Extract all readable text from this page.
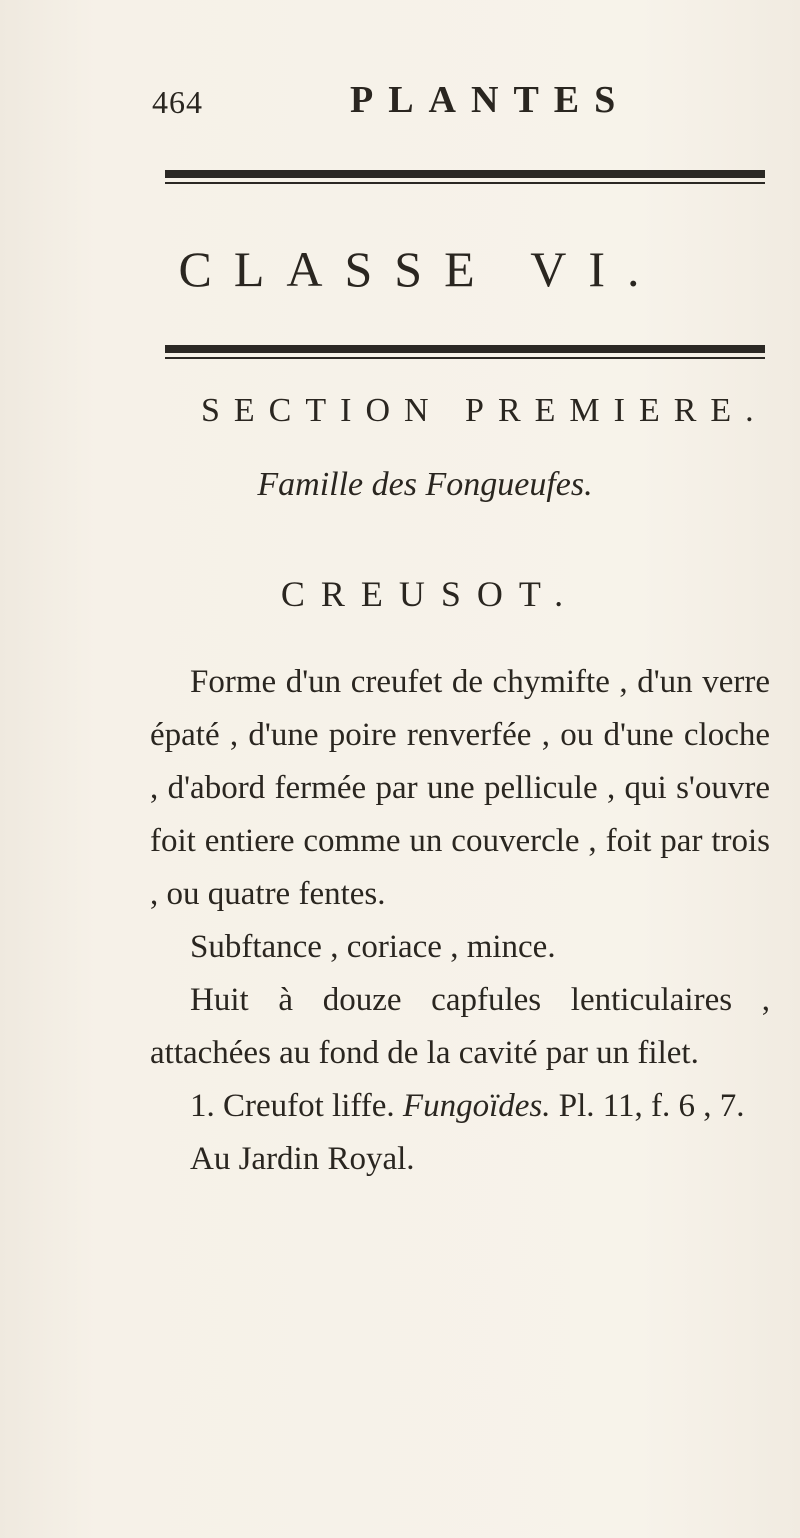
464	PLANTES
CLASSE VI.
SECTION PREMIERE.
Famille des Fongueufes.
CREUSOT.

Forme d'un creufet de chymifte , d'un verre épaté , d'une poire renverfée , ou d'une cloche , d'abord fermée par une pellicule , qui s'ouvre foit entiere comme un couvercle , foit par trois , ou quatre fentes.

Subftance , coriace , mince.

Huit à douze capfules lenticulaires , attachées au fond de la cavité par un filet.

1. Creufot liffe. Fungoïdes. Pl. 11, f. 6 , 7.

Au Jardin Royal.
